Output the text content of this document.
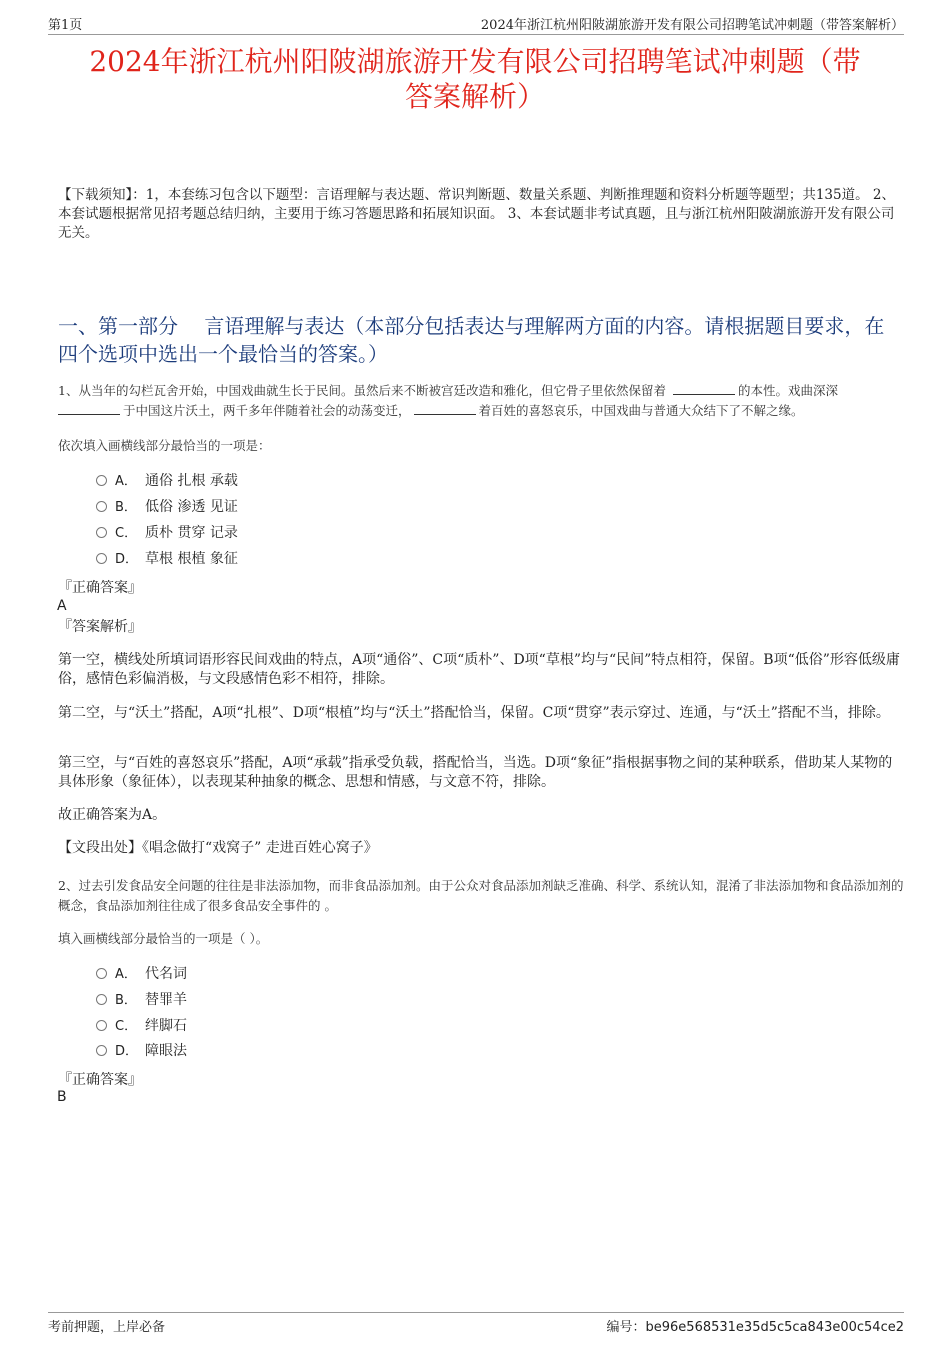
第1页	2024年浙江杭州阳陂湖旅游开发有限公司招聘笔试冲刺题（带答案解析）
2024年浙江杭州阳陂湖旅游开发有限公司招聘笔试冲刺题（带
答案解析）
【下载须知】：1，本套练习包含以下题型：言语理解与表达题、常识判断题、数量关系题、判断推理题和资料分析题等题型；共135道。 2、本套试题根据常见招考题总结归纳，主要用于练习答题思路和拓展知识面。 3、本套试题非考试真题，且与浙江杭州阳陂湖旅游开发有限公司无关。
一、第一部分　 言语理解与表达（本部分包括表达与理解两方面的内容。请根据题目要求，在四个选项中选出一个最恰当的答案。）
1、从当年的勾栏瓦舍开始，中国戏曲就生长于民间。虽然后来不断被宫廷改造和雅化，但它骨子里依然保留着	的本性。戏曲深深
于中国这片沃土，两千多年伴随着社会的动荡变迁，	着百姓的喜怒哀乐，中国戏曲与普通大众结下了不解之缘。
依次填入画横线部分最恰当的一项是：
A． 通俗 扎根 承载
B． 低俗 渗透 见证
C． 质朴 贯穿 记录
D． 草根 根植 象征
『正确答案』
A
『答案解析』
第一空，横线处所填词语形容民间戏曲的特点，A项“通俗”、C项“质朴”、D项“草根”均与“民间”特点相符，保留。B项“低俗”形容低级庸俗，感情色彩偏消极，与文段感情色彩不相符，排除。
第二空，与“沃土”搭配，A项“扎根”、D项“根植”均与“沃土”搭配恰当，保留。C项“贯穿”表示穿过、连通，与“沃土”搭配不当，排除。
第三空，与“百姓的喜怒哀乐”搭配，A项“承载”指承受负载，搭配恰当，当选。D项“象征”指根据事物之间的某种联系，借助某人某物的具体形象（象征体），以表现某种抽象的概念、思想和情感，与文意不符，排除。
故正确答案为A。
【文段出处】《唱念做打“戏窝子” 走进百姓心窝子》
2、过去引发食品安全问题的往往是非法添加物，而非食品添加剂。由于公众对食品添加剂缺乏准确、科学、系统认知，混淆了非法添加物和食品添加剂的概念，食品添加剂往往成了很多食品安全事件的 。
填入画横线部分最恰当的一项是（ ）。
A． 代名词
B． 替罪羊
C． 绊脚石
D． 障眼法
『正确答案』
B
考前押题，上岸必备	编号：be96e568531e35d5c5ca843e00c54ce2
